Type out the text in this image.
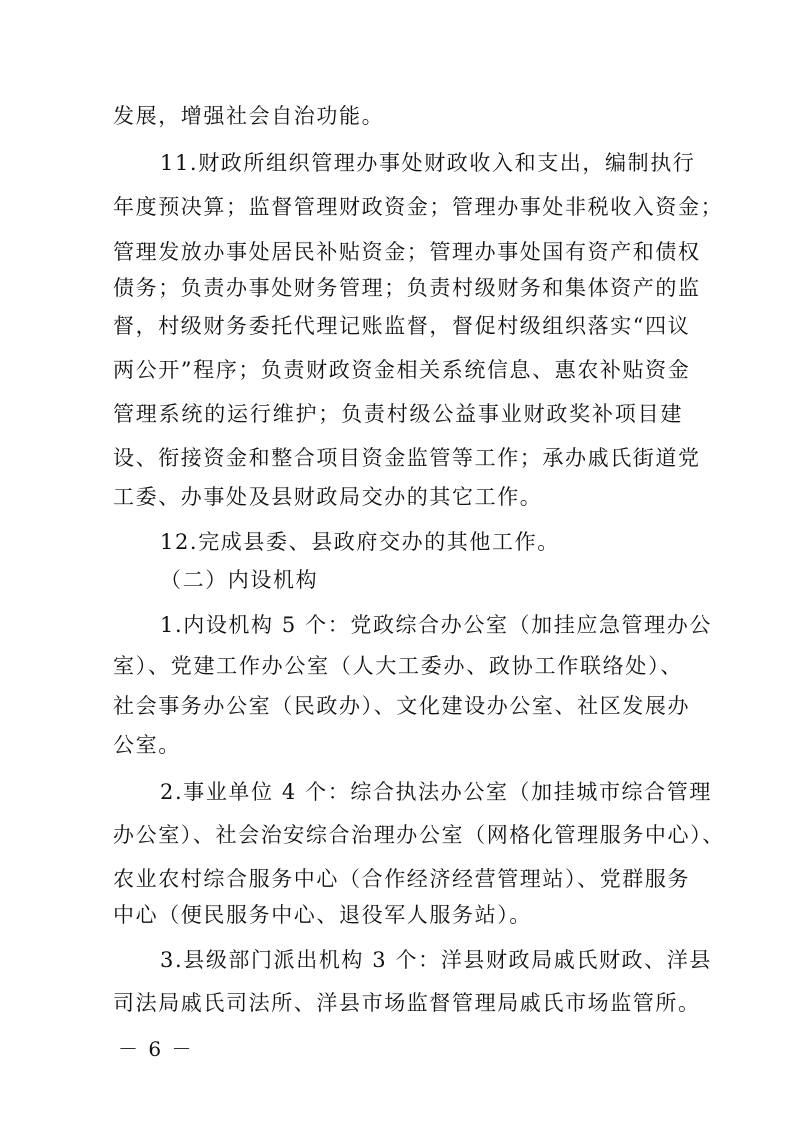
发展，增强社会自治功能。
11.财政所组织管理办事处财政收入和支出，编制执行
年度预决算；监督管理财政资金；管理办事处非税收入资金；
管理发放办事处居民补贴资金；管理办事处国有资产和债权
债务；负责办事处财务管理；负责村级财务和集体资产的监
督，村级财务委托代理记账监督，督促村级组织落实“四议
两公开”程序；负责财政资金相关系统信息、惠农补贴资金
管理系统的运行维护；负责村级公益事业财政奖补项目建
设、衔接资金和整合项目资金监管等工作；承办戚氏街道党
工委、办事处及县财政局交办的其它工作。
12.完成县委、县政府交办的其他工作。
（二）内设机构
1.内设机构 5 个：党政综合办公室（加挂应急管理办公
室）、党建工作办公室（人大工委办、政协工作联络处）、
社会事务办公室（民政办）、文化建设办公室、社区发展办
公室。
2.事业单位 4 个：综合执法办公室（加挂城市综合管理
办公室）、社会治安综合治理办公室（网格化管理服务中心）、
农业农村综合服务中心（合作经济经营管理站）、党群服务
中心（便民服务中心、退役军人服务站）。
3.县级部门派出机构 3 个：洋县财政局戚氏财政、洋县
司法局戚氏司法所、洋县市场监督管理局戚氏市场监管所。
－ 6 －
